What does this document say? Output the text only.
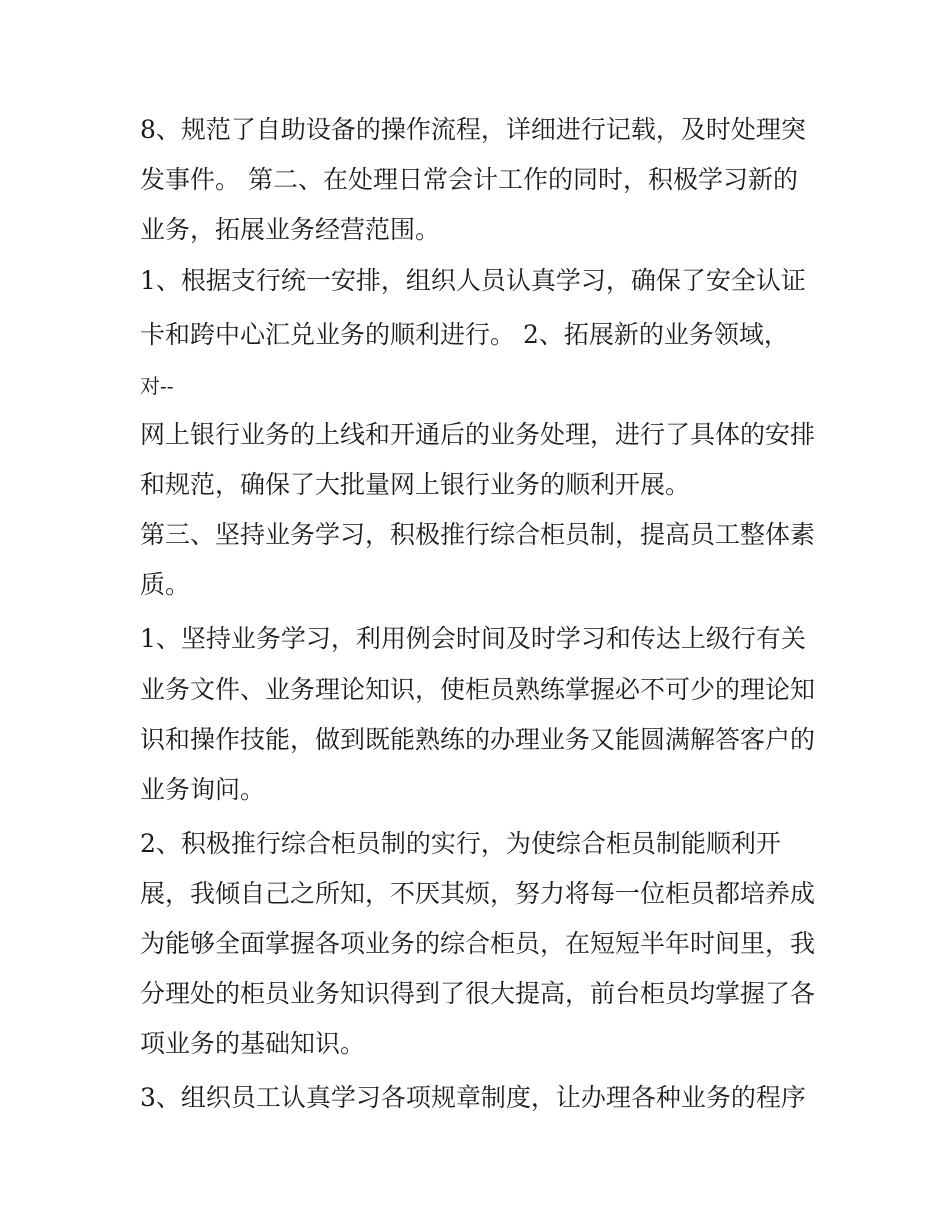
8、规范了自助设备的操作流程，详细进行记载，及时处理突
发事件。 第二、在处理日常会计工作的同时，积极学习新的
业务，拓展业务经营范围。
1、根据支行统一安排，组织人员认真学习，确保了安全认证
卡和跨中心汇兑业务的顺利进行。 2、拓展新的业务领域，
对--
网上银行业务的上线和开通后的业务处理，进行了具体的安排
和规范，确保了大批量网上银行业务的顺利开展。
第三、坚持业务学习，积极推行综合柜员制，提高员工整体素
质。
1、坚持业务学习，利用例会时间及时学习和传达上级行有关
业务文件、业务理论知识，使柜员熟练掌握必不可少的理论知
识和操作技能，做到既能熟练的办理业务又能圆满解答客户的
业务询问。
2、积极推行综合柜员制的实行，为使综合柜员制能顺利开
展，我倾自己之所知，不厌其烦，努力将每一位柜员都培养成
为能够全面掌握各项业务的综合柜员，在短短半年时间里，我
分理处的柜员业务知识得到了很大提高，前台柜员均掌握了各
项业务的基础知识。
3、组织员工认真学习各项规章制度，让办理各种业务的程序
